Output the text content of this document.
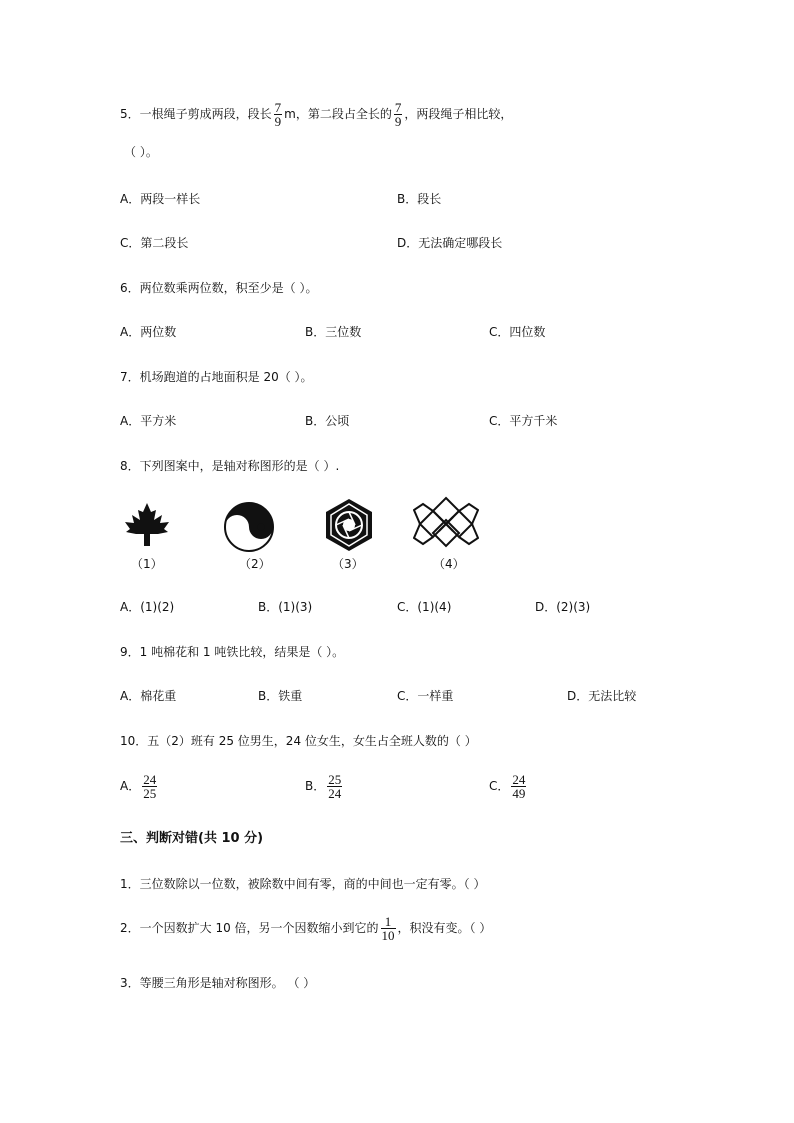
5．一根绳子剪成两段，段长 $\frac{7}{9}$ m，第二段占全长的 $\frac{7}{9}$ ，两段绳子相比较，
（ ）。
A．两段一样长	B．段长
C．第二段长	D．无法确定哪段长
6．两位数乘两位数，积至少是（ ）。
A．两位数	B．三位数	C．四位数
7．机场跑道的占地面积是 20（ ）。
A．平方米	B．公顷	C．平方千米
8．下列图案中，是轴对称图形的是（ ）.
（1）	（2）	（3）	（4）
A．(1)(2)	B．(1)(3)	C．(1)(4)	D．(2)(3)
9．1 吨棉花和 1 吨铁比较，结果是（ ）。
A．棉花重	B．铁重	C．一样重	D．无法比较
10．五（2）班有 25 位男生，24 位女生，女生占全班人数的（ ）
A． $\frac{24}{25}$	B． $\frac{25}{24}$	C． $\frac{24}{49}$
三、判断对错(共 10 分)
1．三位数除以一位数，被除数中间有零，商的中间也一定有零。（ ）
2．一个因数扩大 10 倍，另一个因数缩小到它的 $\frac{1}{10}$ ，积没有变。（ ）
3．等腰三角形是轴对称图形。 （ ）
